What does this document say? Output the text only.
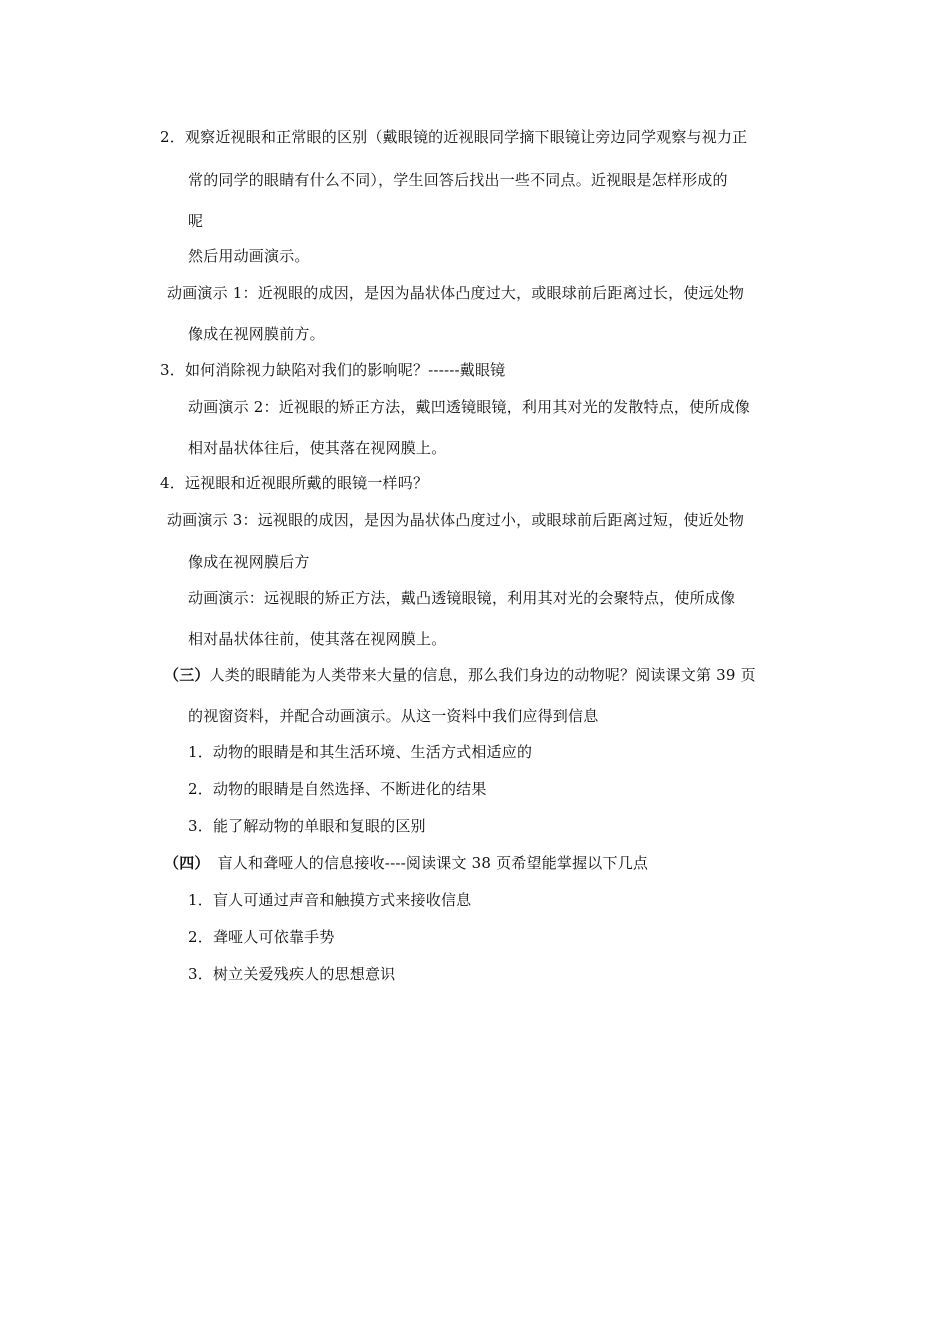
2．观察近视眼和正常眼的区别（戴眼镜的近视眼同学摘下眼镜让旁边同学观察与视力正
常的同学的眼睛有什么不同），学生回答后找出一些不同点。近视眼是怎样形成的
呢
然后用动画演示。
动画演示 1：近视眼的成因，是因为晶状体凸度过大，或眼球前后距离过长，使远处物
像成在视网膜前方。
3．如何消除视力缺陷对我们的影响呢？------戴眼镜
动画演示 2：近视眼的矫正方法，戴凹透镜眼镜，利用其对光的发散特点，使所成像
相对晶状体往后，使其落在视网膜上。
4．远视眼和近视眼所戴的眼镜一样吗？
动画演示 3：远视眼的成因，是因为晶状体凸度过小，或眼球前后距离过短，使近处物
像成在视网膜后方
动画演示：远视眼的矫正方法，戴凸透镜眼镜，利用其对光的会聚特点，使所成像
相对晶状体往前，使其落在视网膜上。
（三）人类的眼睛能为人类带来大量的信息，那么我们身边的动物呢？阅读课文第 39 页
的视窗资料，并配合动画演示。从这一资料中我们应得到信息
1．动物的眼睛是和其生活环境、生活方式相适应的
2．动物的眼睛是自然选择、不断进化的结果
3．能了解动物的单眼和复眼的区别
（四） 盲人和聋哑人的信息接收----阅读课文 38 页希望能掌握以下几点
1．盲人可通过声音和触摸方式来接收信息
2．聋哑人可依靠手势
3．树立关爱残疾人的思想意识
